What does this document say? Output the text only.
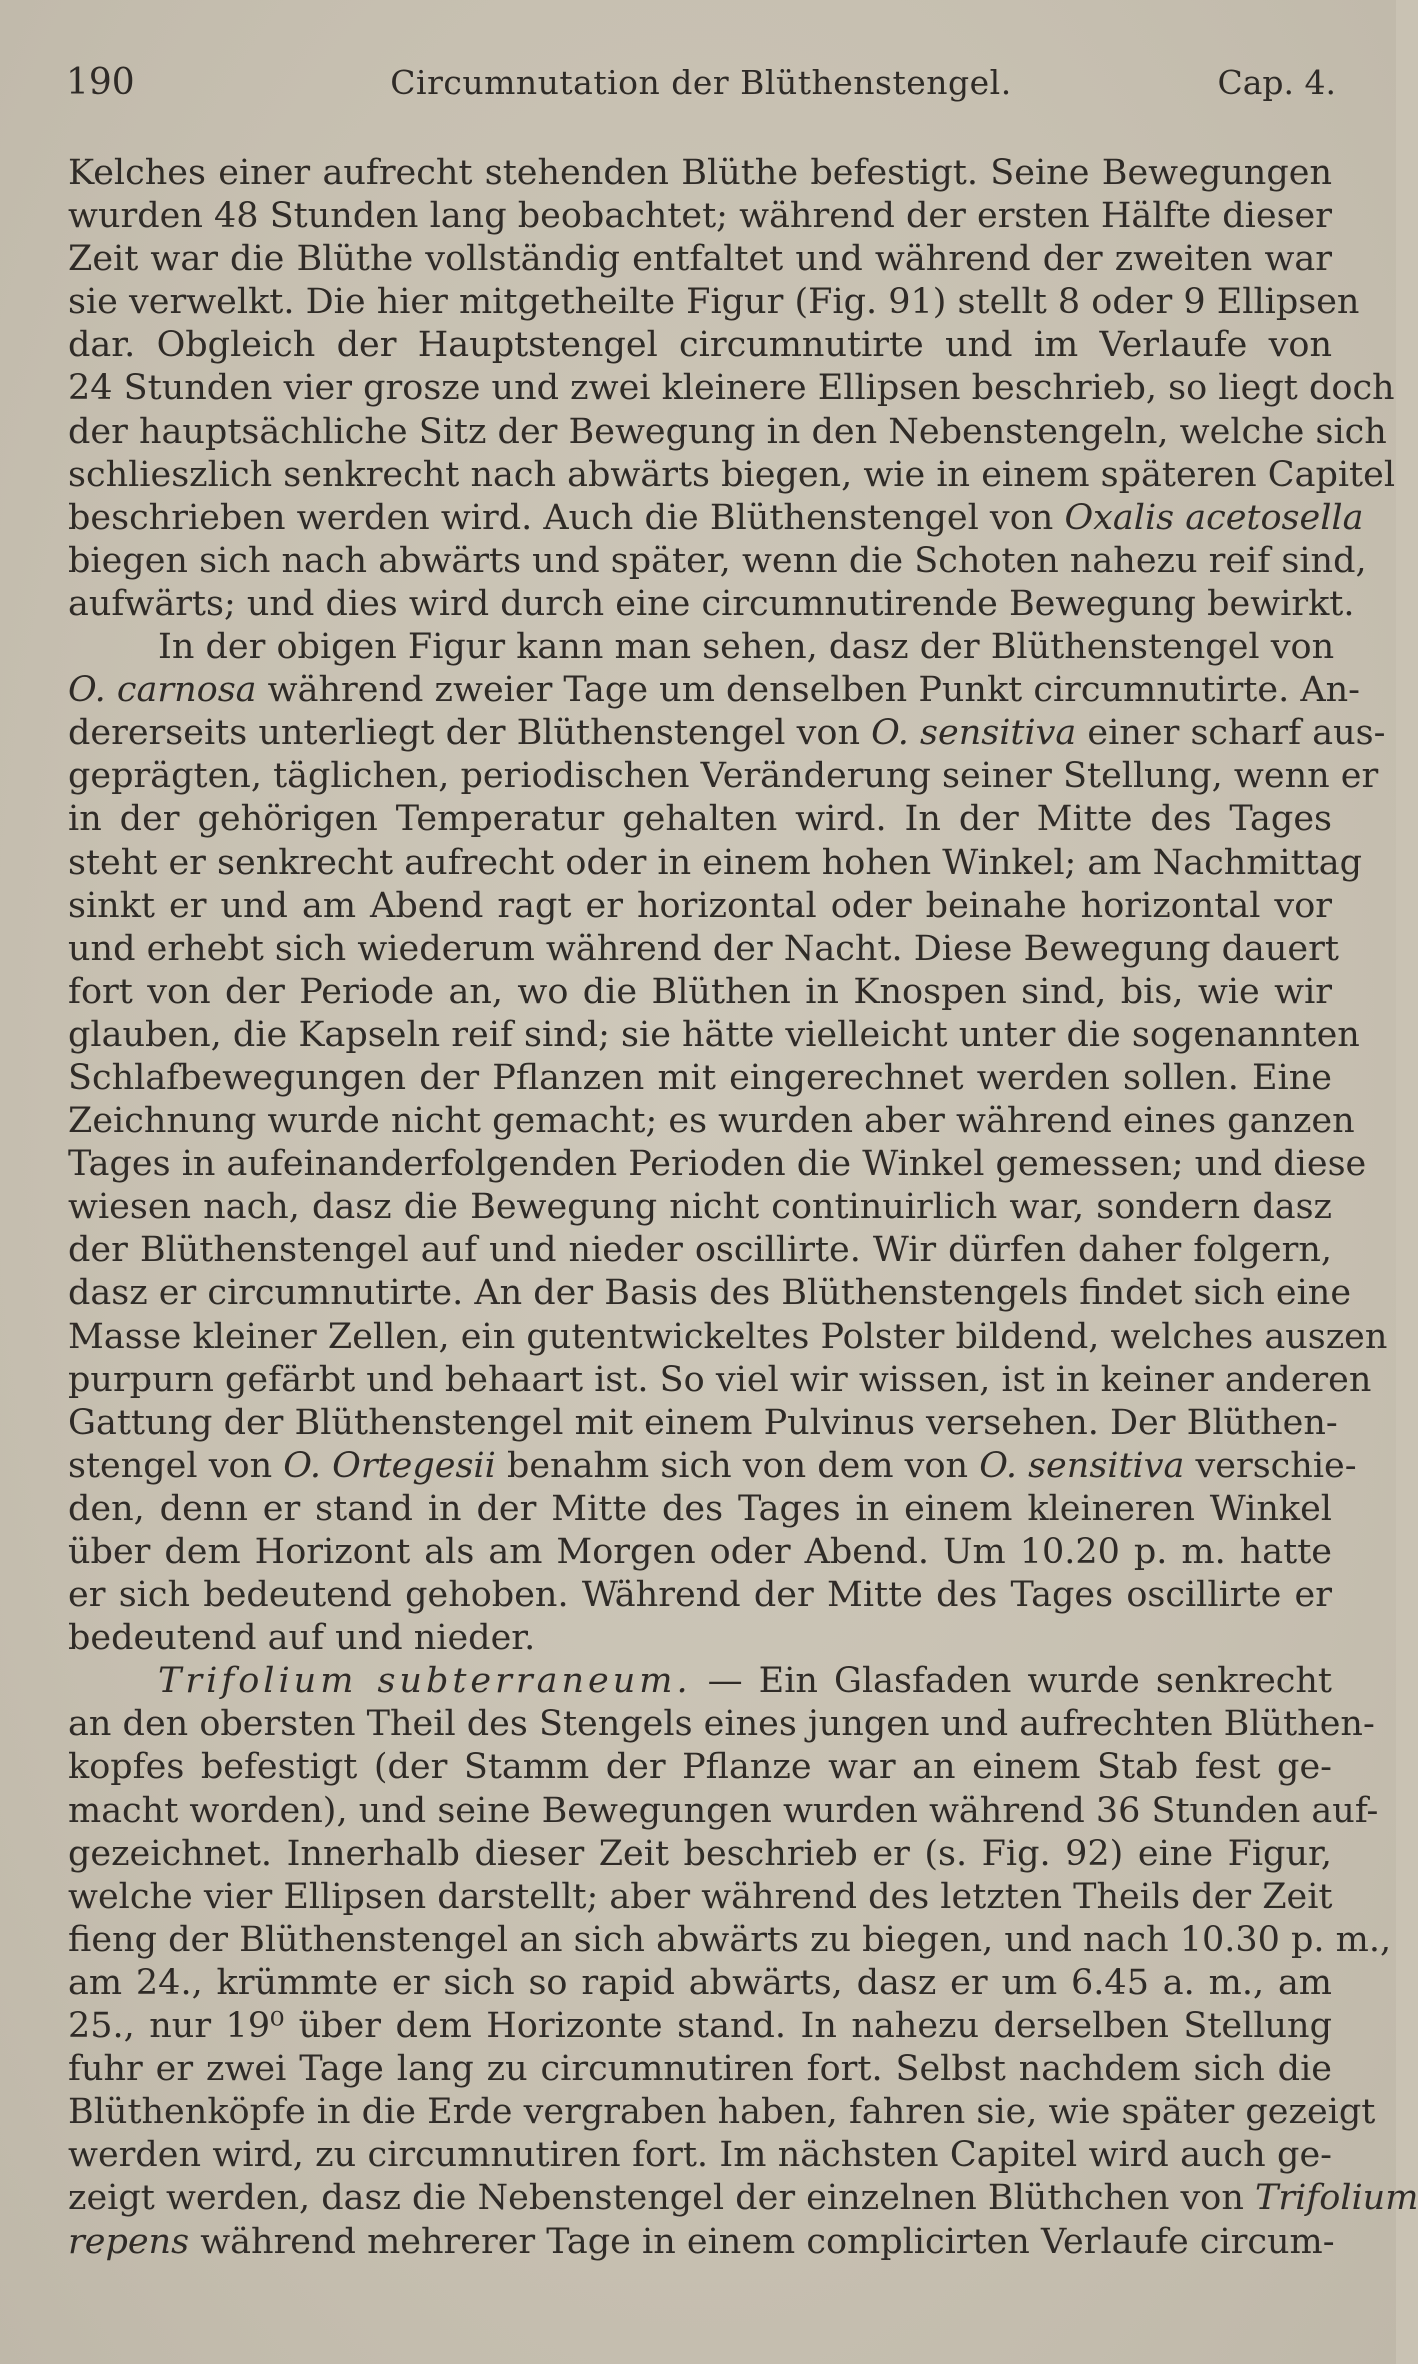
190	Circumnutation der Blüthenstengel.	Cap. 4.
Kelches einer aufrecht stehenden Blüthe befestigt. Seine Bewegungen
wurden 48 Stunden lang beobachtet; während der ersten Hälfte dieser
Zeit war die Blüthe vollständig entfaltet und während der zweiten war
sie verwelkt. Die hier mitgetheilte Figur (Fig. 91) stellt 8 oder 9 Ellipsen
dar. Obgleich der Hauptstengel circumnutirte und im Verlaufe von
24 Stunden vier grosze und zwei kleinere Ellipsen beschrieb, so liegt doch
der hauptsächliche Sitz der Bewegung in den Nebenstengeln, welche sich
schlieszlich senkrecht nach abwärts biegen, wie in einem späteren Capitel
beschrieben werden wird. Auch die Blüthenstengel von Oxalis acetosella
biegen sich nach abwärts und später, wenn die Schoten nahezu reif sind,
aufwärts; und dies wird durch eine circumnutirende Bewegung bewirkt.
In der obigen Figur kann man sehen, dasz der Blüthenstengel von
O. carnosa während zweier Tage um denselben Punkt circumnutirte. An-
dererseits unterliegt der Blüthenstengel von O. sensitiva einer scharf aus-
geprägten, täglichen, periodischen Veränderung seiner Stellung, wenn er
in der gehörigen Temperatur gehalten wird. In der Mitte des Tages
steht er senkrecht aufrecht oder in einem hohen Winkel; am Nachmittag
sinkt er und am Abend ragt er horizontal oder beinahe horizontal vor
und erhebt sich wiederum während der Nacht. Diese Bewegung dauert
fort von der Periode an, wo die Blüthen in Knospen sind, bis, wie wir
glauben, die Kapseln reif sind; sie hätte vielleicht unter die sogenannten
Schlafbewegungen der Pflanzen mit eingerechnet werden sollen. Eine
Zeichnung wurde nicht gemacht; es wurden aber während eines ganzen
Tages in aufeinanderfolgenden Perioden die Winkel gemessen; und diese
wiesen nach, dasz die Bewegung nicht continuirlich war, sondern dasz
der Blüthenstengel auf und nieder oscillirte. Wir dürfen daher folgern,
dasz er circumnutirte. An der Basis des Blüthenstengels findet sich eine
Masse kleiner Zellen, ein gutentwickeltes Polster bildend, welches auszen
purpurn gefärbt und behaart ist. So viel wir wissen, ist in keiner anderen
Gattung der Blüthenstengel mit einem Pulvinus versehen. Der Blüthen-
stengel von O. Ortegesii benahm sich von dem von O. sensitiva verschie-
den, denn er stand in der Mitte des Tages in einem kleineren Winkel
über dem Horizont als am Morgen oder Abend. Um 10.20 p. m. hatte
er sich bedeutend gehoben. Während der Mitte des Tages oscillirte er
bedeutend auf und nieder.
Trifolium subterraneum. — Ein Glasfaden wurde senkrecht
an den obersten Theil des Stengels eines jungen und aufrechten Blüthen-
kopfes befestigt (der Stamm der Pflanze war an einem Stab fest ge-
macht worden), und seine Bewegungen wurden während 36 Stunden auf-
gezeichnet. Innerhalb dieser Zeit beschrieb er (s. Fig. 92) eine Figur,
welche vier Ellipsen darstellt; aber während des letzten Theils der Zeit
fieng der Blüthenstengel an sich abwärts zu biegen, und nach 10.30 p. m.,
am 24., krümmte er sich so rapid abwärts, dasz er um 6.45 a. m., am
25., nur 19⁰ über dem Horizonte stand. In nahezu derselben Stellung
fuhr er zwei Tage lang zu circumnutiren fort. Selbst nachdem sich die
Blüthenköpfe in die Erde vergraben haben, fahren sie, wie später gezeigt
werden wird, zu circumnutiren fort. Im nächsten Capitel wird auch ge-
zeigt werden, dasz die Nebenstengel der einzelnen Blüthchen von Trifolium
repens während mehrerer Tage in einem complicirten Verlaufe circum-
